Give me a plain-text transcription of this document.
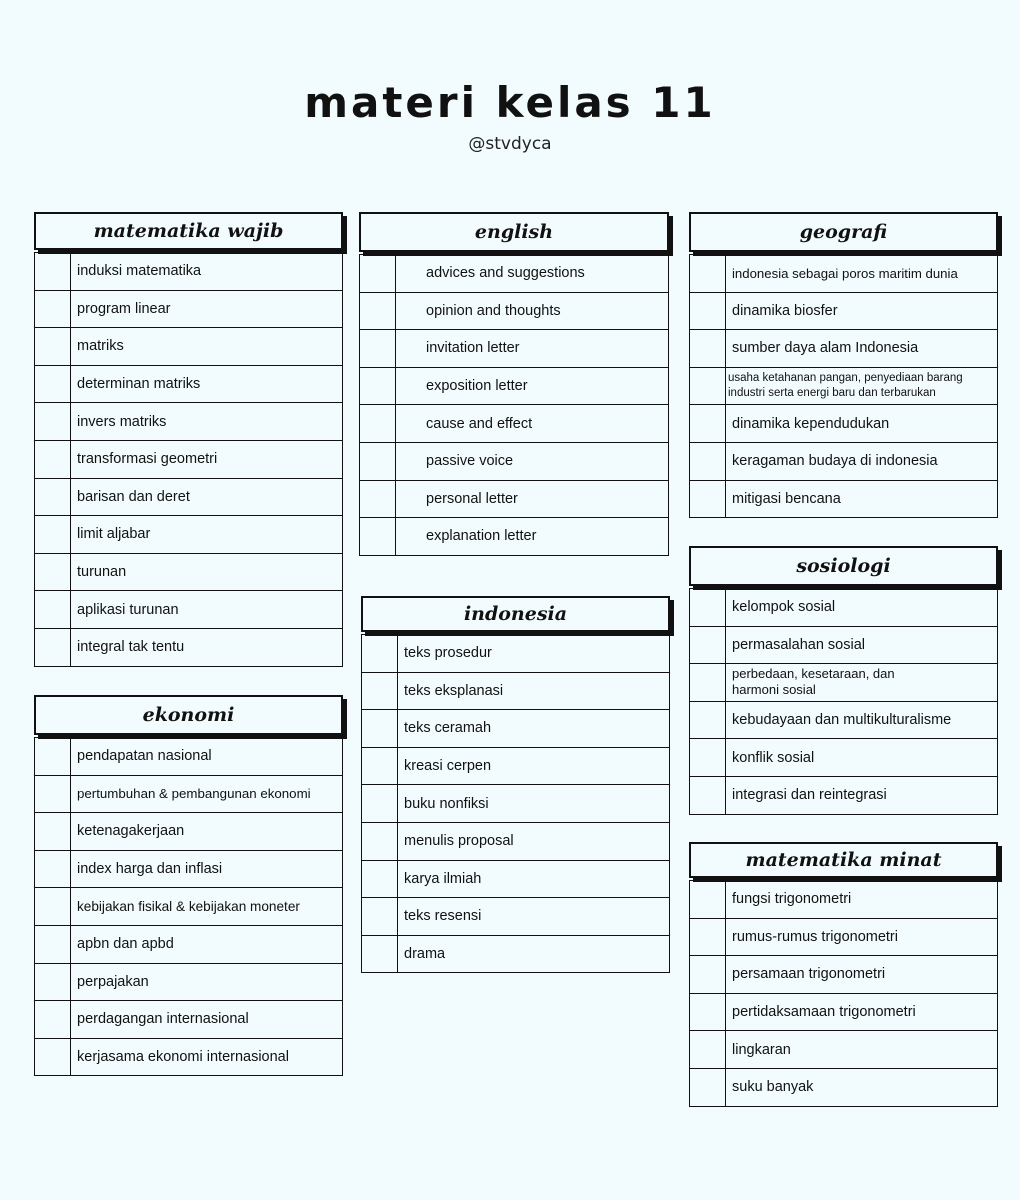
materi kelas 11
@stvdyca
matematika wajib
induksi matematika
program linear
matriks
determinan matriks
invers matriks
transformasi geometri
barisan dan deret
limit aljabar
turunan
aplikasi turunan
integral tak tentu
ekonomi
pendapatan nasional
pertumbuhan & pembangunan ekonomi
ketenagakerjaan
index harga dan inflasi
kebijakan fisikal & kebijakan moneter
apbn dan apbd
perpajakan
perdagangan internasional
kerjasama ekonomi internasional
english
advices and suggestions
opinion and thoughts
invitation letter
exposition letter
cause and effect
passive voice
personal letter
explanation letter
indonesia
teks prosedur
teks eksplanasi
teks ceramah
kreasi cerpen
buku nonfiksi
menulis proposal
karya ilmiah
teks resensi
drama
geografi
indonesia sebagai poros maritim dunia
dinamika biosfer
sumber daya alam Indonesia
usaha ketahanan pangan, penyediaan barang industri serta energi baru dan terbarukan
dinamika kependudukan
keragaman budaya di indonesia
mitigasi bencana
sosiologi
kelompok sosial
permasalahan sosial
perbedaan, kesetaraan, dan harmoni sosial
kebudayaan dan multikulturalisme
konflik sosial
integrasi dan reintegrasi
matematika minat
fungsi trigonometri
rumus-rumus trigonometri
persamaan trigonometri
pertidaksamaan trigonometri
lingkaran
suku banyak
